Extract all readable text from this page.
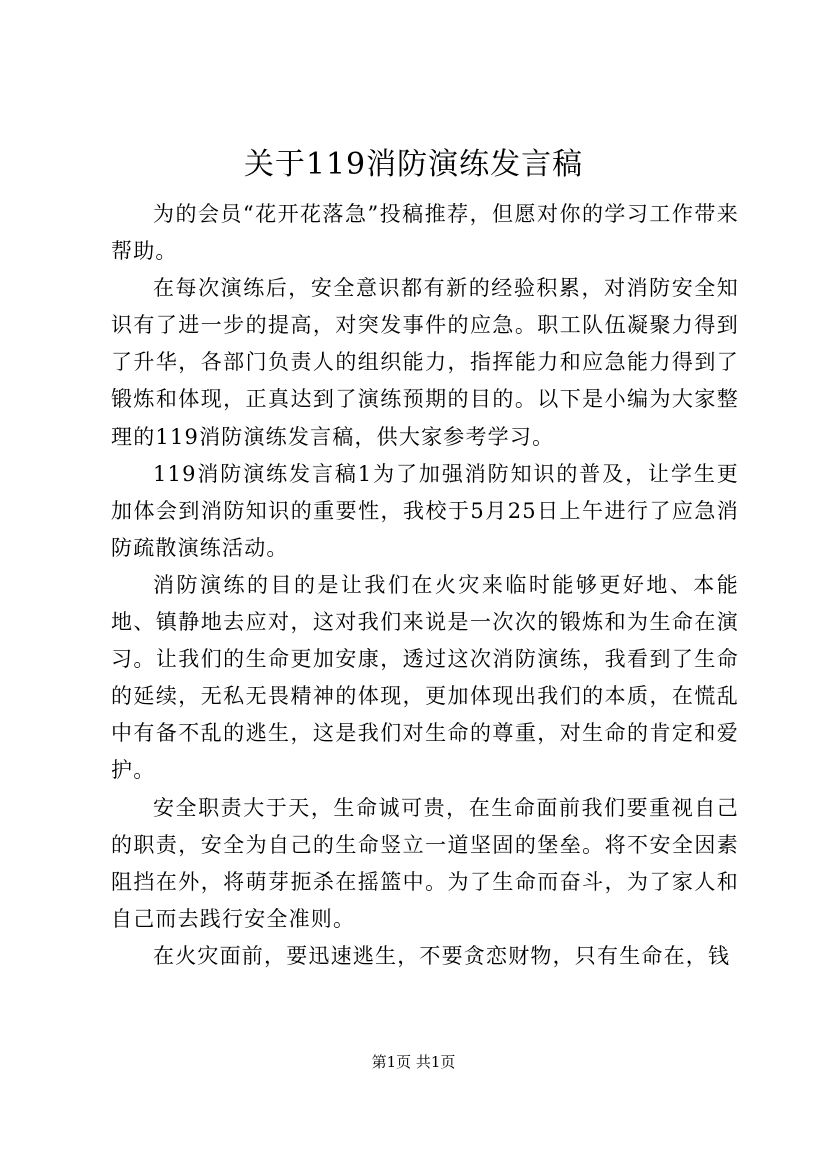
关于119消防演练发言稿

为的会员“花开花落急”投稿推荐，但愿对你的学习工作带来帮助。

在每次演练后，安全意识都有新的经验积累，对消防安全知识有了进一步的提高，对突发事件的应急。职工队伍凝聚力得到了升华，各部门负责人的组织能力，指挥能力和应急能力得到了锻炼和体现，正真达到了演练预期的目的。以下是小编为大家整理的119消防演练发言稿，供大家参考学习。

119消防演练发言稿1为了加强消防知识的普及，让学生更加体会到消防知识的重要性，我校于5月25日上午进行了应急消防疏散演练活动。

消防演练的目的是让我们在火灾来临时能够更好地、本能地、镇静地去应对，这对我们来说是一次次的锻炼和为生命在演习。让我们的生命更加安康，透过这次消防演练，我看到了生命的延续，无私无畏精神的体现，更加体现出我们的本质，在慌乱中有备不乱的逃生，这是我们对生命的尊重，对生命的肯定和爱护。

安全职责大于天，生命诚可贵，在生命面前我们要重视自己的职责，安全为自己的生命竖立一道坚固的堡垒。将不安全因素阻挡在外，将萌芽扼杀在摇篮中。为了生命而奋斗，为了家人和自己而去践行安全准则。

在火灾面前，要迅速逃生，不要贪恋财物，只有生命在，钱

第1页 共1页
